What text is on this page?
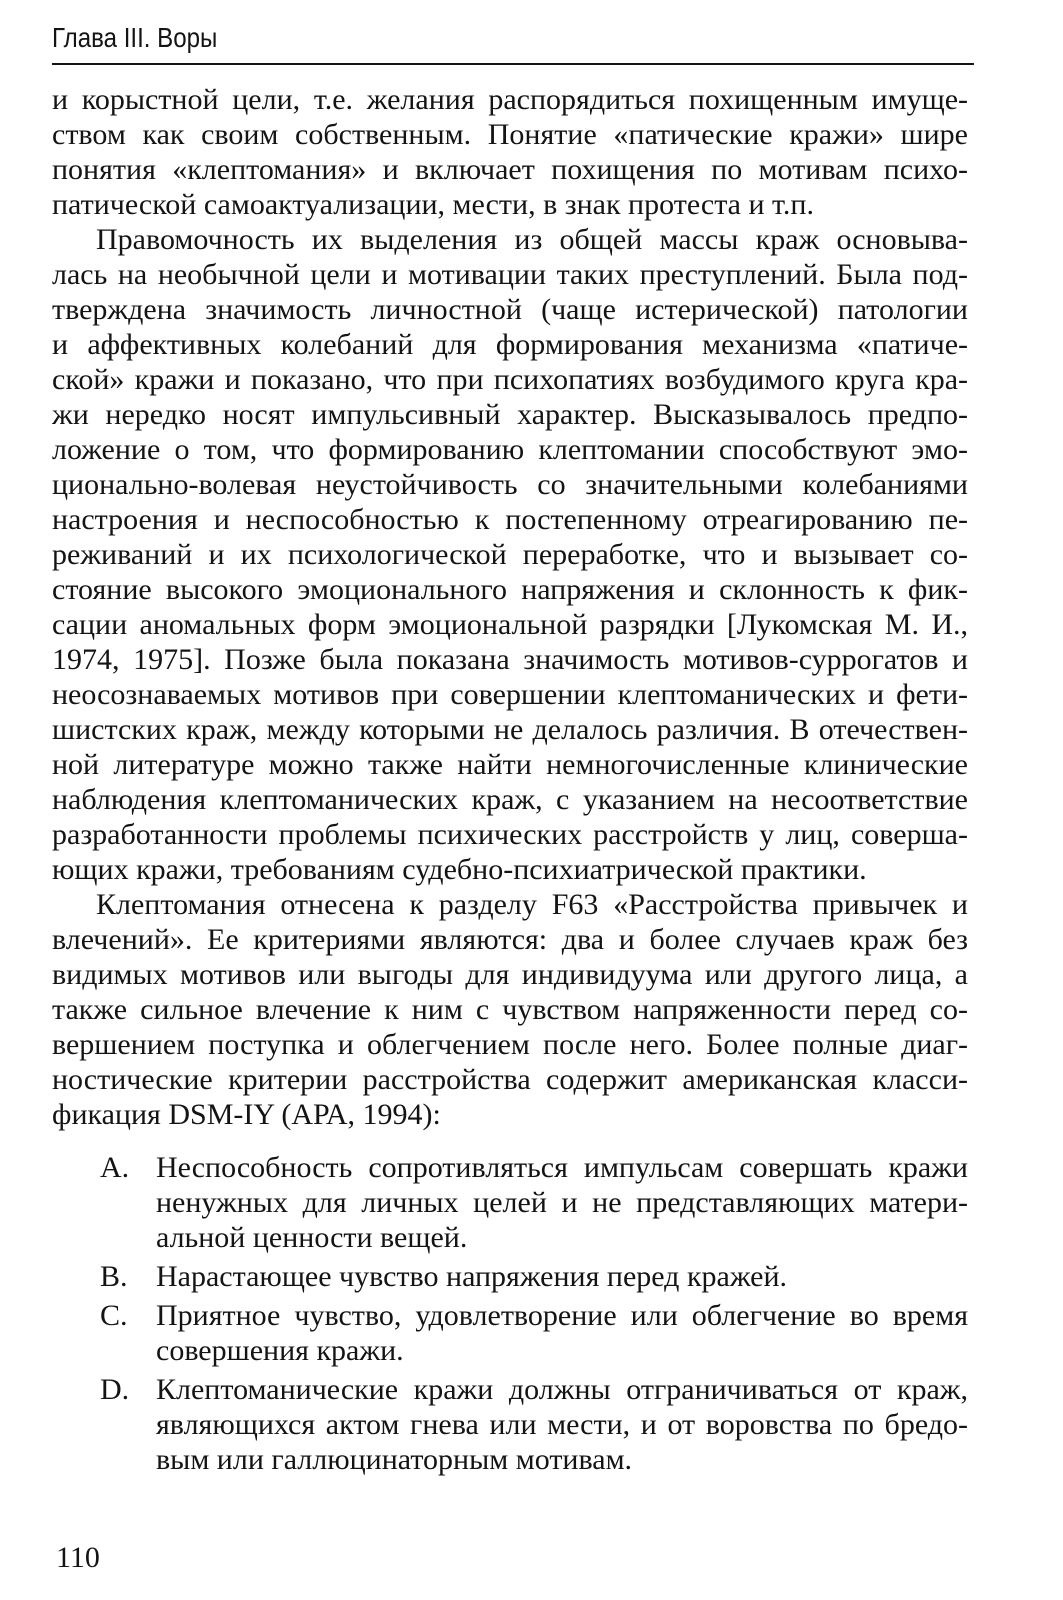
Глава III. Воры
и корыстной цели, т.е. желания распорядиться похищенным имуще-
ством как своим собственным. Понятие «патические кражи» шире
понятия «клептомания» и включает похищения по мотивам психо-
патической самоактуализации, мести, в знак протеста и т.п.
Правомочность их выделения из общей массы краж основыва-
лась на необычной цели и мотивации таких преступлений. Была под-
тверждена значимость личностной (чаще истерической) патологии
и аффективных колебаний для формирования механизма «патиче-
ской» кражи и показано, что при психопатиях возбудимого круга кра-
жи нередко носят импульсивный характер. Высказывалось предпо-
ложение о том, что формированию клептомании способствуют эмо-
ционально-волевая неустойчивость со значительными колебаниями
настроения и неспособностью к постепенному отреагированию пе-
реживаний и их психологической переработке, что и вызывает со-
стояние высокого эмоционального напряжения и склонность к фик-
сации аномальных форм эмоциональной разрядки [Лукомская М. И.,
1974, 1975]. Позже была показана значимость мотивов-суррогатов и
неосознаваемых мотивов при совершении клептоманических и фети-
шистских краж, между которыми не делалось различия. В отечествен-
ной литературе можно также найти немногочисленные клинические
наблюдения клептоманических краж, с указанием на несоответствие
разработанности проблемы психических расстройств у лиц, соверша-
ющих кражи, требованиям судебно-психиатрической практики.
Клептомания отнесена к разделу F63 «Расстройства привычек и
влечений». Ее критериями являются: два и более случаев краж без
видимых мотивов или выгоды для индивидуума или другого лица, а
также сильное влечение к ним с чувством напряженности перед со-
вершением поступка и облегчением после него. Более полные диаг-
ностические критерии расстройства содержит американская класси-
фикация DSM-IY (АРА, 1994):
A. Неспособность сопротивляться импульсам совершать кражи
ненужных для личных целей и не представляющих матери-
альной ценности вещей.
B. Нарастающее чувство напряжения перед кражей.
C. Приятное чувство, удовлетворение или облегчение во время
совершения кражи.
D. Клептоманические кражи должны отграничиваться от краж,
являющихся актом гнева или мести, и от воровства по бредо-
вым или галлюцинаторным мотивам.
110
